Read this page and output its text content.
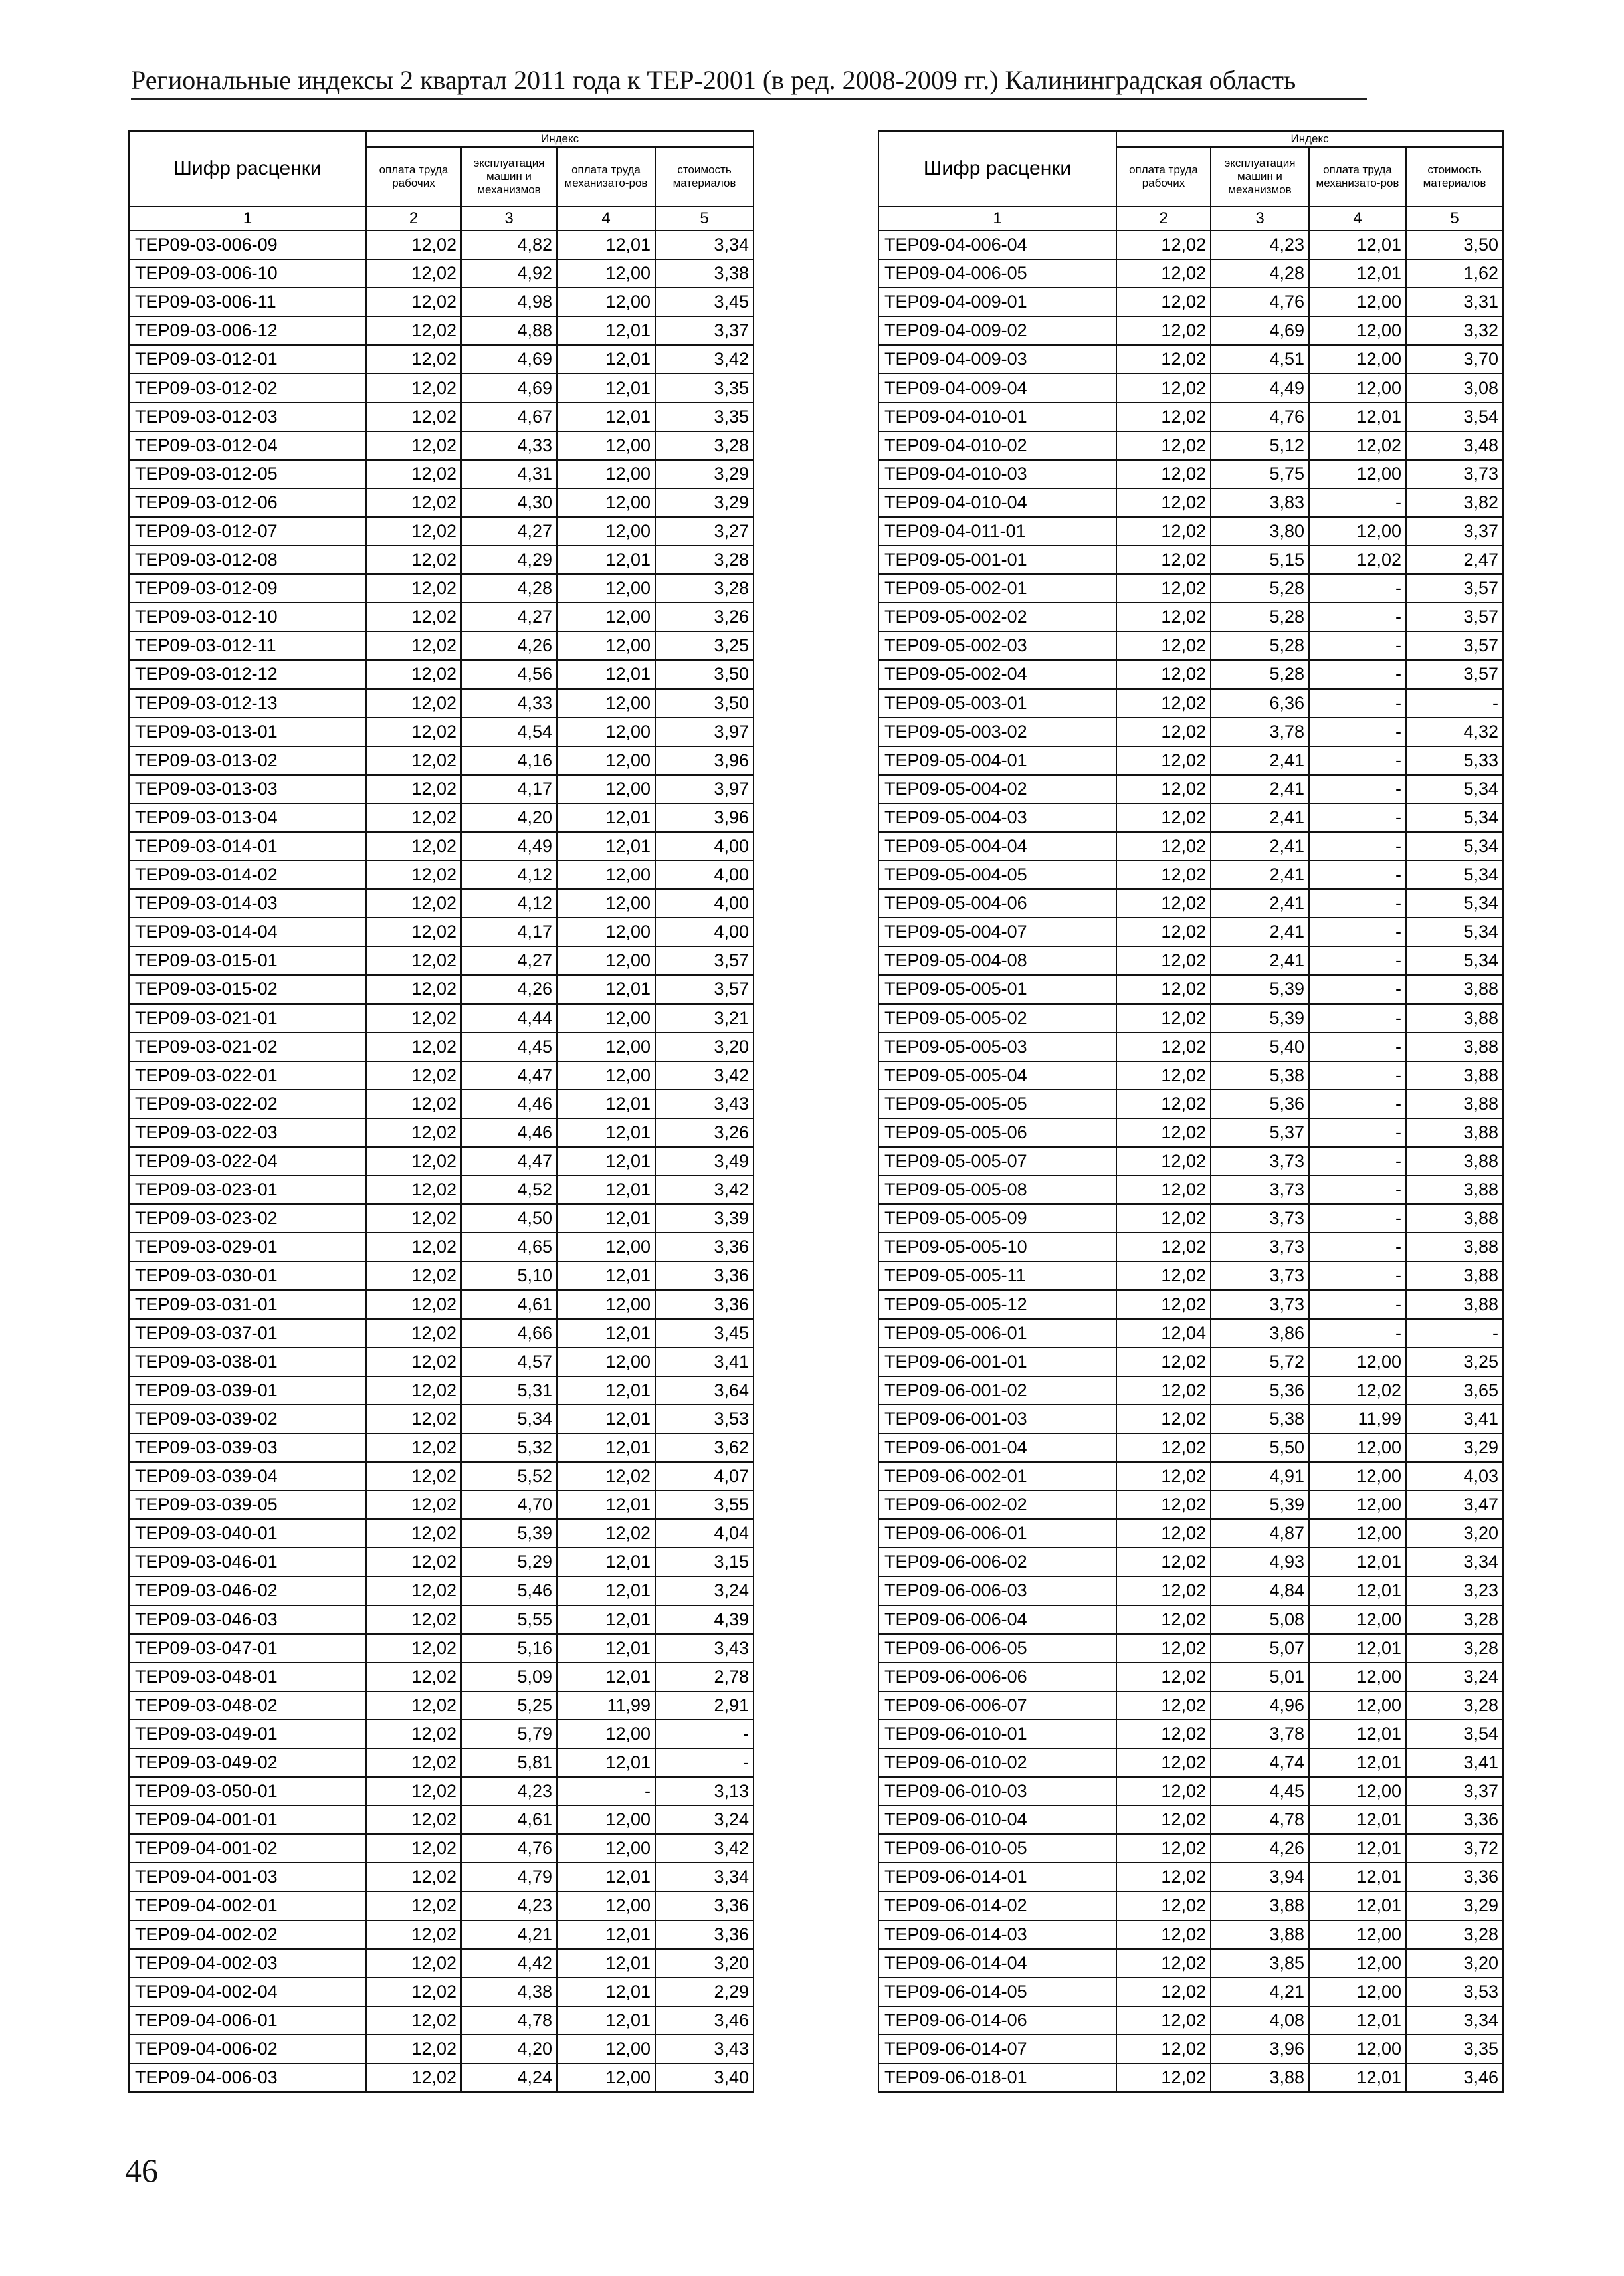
Региональные индексы 2 квартал 2011 года к ТЕР-2001 (в ред. 2008-2009 гг.) Калининградская область
Шифр расценки	Индекс			
	оплата труда рабочих	эксплуатация машин и механизмов	оплата труда механизато-ров	стоимость материалов
1	2	3	4	5
ТЕР09-03-006-09	12,02	4,82	12,01	3,34
ТЕР09-03-006-10	12,02	4,92	12,00	3,38
ТЕР09-03-006-11	12,02	4,98	12,00	3,45
ТЕР09-03-006-12	12,02	4,88	12,01	3,37
ТЕР09-03-012-01	12,02	4,69	12,01	3,42
ТЕР09-03-012-02	12,02	4,69	12,01	3,35
ТЕР09-03-012-03	12,02	4,67	12,01	3,35
ТЕР09-03-012-04	12,02	4,33	12,00	3,28
ТЕР09-03-012-05	12,02	4,31	12,00	3,29
ТЕР09-03-012-06	12,02	4,30	12,00	3,29
ТЕР09-03-012-07	12,02	4,27	12,00	3,27
ТЕР09-03-012-08	12,02	4,29	12,01	3,28
ТЕР09-03-012-09	12,02	4,28	12,00	3,28
ТЕР09-03-012-10	12,02	4,27	12,00	3,26
ТЕР09-03-012-11	12,02	4,26	12,00	3,25
ТЕР09-03-012-12	12,02	4,56	12,01	3,50
ТЕР09-03-012-13	12,02	4,33	12,00	3,50
ТЕР09-03-013-01	12,02	4,54	12,00	3,97
ТЕР09-03-013-02	12,02	4,16	12,00	3,96
ТЕР09-03-013-03	12,02	4,17	12,00	3,97
ТЕР09-03-013-04	12,02	4,20	12,01	3,96
ТЕР09-03-014-01	12,02	4,49	12,01	4,00
ТЕР09-03-014-02	12,02	4,12	12,00	4,00
ТЕР09-03-014-03	12,02	4,12	12,00	4,00
ТЕР09-03-014-04	12,02	4,17	12,00	4,00
ТЕР09-03-015-01	12,02	4,27	12,00	3,57
ТЕР09-03-015-02	12,02	4,26	12,01	3,57
ТЕР09-03-021-01	12,02	4,44	12,00	3,21
ТЕР09-03-021-02	12,02	4,45	12,00	3,20
ТЕР09-03-022-01	12,02	4,47	12,00	3,42
ТЕР09-03-022-02	12,02	4,46	12,01	3,43
ТЕР09-03-022-03	12,02	4,46	12,01	3,26
ТЕР09-03-022-04	12,02	4,47	12,01	3,49
ТЕР09-03-023-01	12,02	4,52	12,01	3,42
ТЕР09-03-023-02	12,02	4,50	12,01	3,39
ТЕР09-03-029-01	12,02	4,65	12,00	3,36
ТЕР09-03-030-01	12,02	5,10	12,01	3,36
ТЕР09-03-031-01	12,02	4,61	12,00	3,36
ТЕР09-03-037-01	12,02	4,66	12,01	3,45
ТЕР09-03-038-01	12,02	4,57	12,00	3,41
ТЕР09-03-039-01	12,02	5,31	12,01	3,64
ТЕР09-03-039-02	12,02	5,34	12,01	3,53
ТЕР09-03-039-03	12,02	5,32	12,01	3,62
ТЕР09-03-039-04	12,02	5,52	12,02	4,07
ТЕР09-03-039-05	12,02	4,70	12,01	3,55
ТЕР09-03-040-01	12,02	5,39	12,02	4,04
ТЕР09-03-046-01	12,02	5,29	12,01	3,15
ТЕР09-03-046-02	12,02	5,46	12,01	3,24
ТЕР09-03-046-03	12,02	5,55	12,01	4,39
ТЕР09-03-047-01	12,02	5,16	12,01	3,43
ТЕР09-03-048-01	12,02	5,09	12,01	2,78
ТЕР09-03-048-02	12,02	5,25	11,99	2,91
ТЕР09-03-049-01	12,02	5,79	12,00	-
ТЕР09-03-049-02	12,02	5,81	12,01	-
ТЕР09-03-050-01	12,02	4,23	-	3,13
ТЕР09-04-001-01	12,02	4,61	12,00	3,24
ТЕР09-04-001-02	12,02	4,76	12,00	3,42
ТЕР09-04-001-03	12,02	4,79	12,01	3,34
ТЕР09-04-002-01	12,02	4,23	12,00	3,36
ТЕР09-04-002-02	12,02	4,21	12,01	3,36
ТЕР09-04-002-03	12,02	4,42	12,01	3,20
ТЕР09-04-002-04	12,02	4,38	12,01	2,29
ТЕР09-04-006-01	12,02	4,78	12,01	3,46
ТЕР09-04-006-02	12,02	4,20	12,00	3,43
ТЕР09-04-006-03	12,02	4,24	12,00	3,40
Шифр расценки	Индекс			
	оплата труда рабочих	эксплуатация машин и механизмов	оплата труда механизато-ров	стоимость материалов
1	2	3	4	5
ТЕР09-04-006-04	12,02	4,23	12,01	3,50
ТЕР09-04-006-05	12,02	4,28	12,01	1,62
ТЕР09-04-009-01	12,02	4,76	12,00	3,31
ТЕР09-04-009-02	12,02	4,69	12,00	3,32
ТЕР09-04-009-03	12,02	4,51	12,00	3,70
ТЕР09-04-009-04	12,02	4,49	12,00	3,08
ТЕР09-04-010-01	12,02	4,76	12,01	3,54
ТЕР09-04-010-02	12,02	5,12	12,02	3,48
ТЕР09-04-010-03	12,02	5,75	12,00	3,73
ТЕР09-04-010-04	12,02	3,83	-	3,82
ТЕР09-04-011-01	12,02	3,80	12,00	3,37
ТЕР09-05-001-01	12,02	5,15	12,02	2,47
ТЕР09-05-002-01	12,02	5,28	-	3,57
ТЕР09-05-002-02	12,02	5,28	-	3,57
ТЕР09-05-002-03	12,02	5,28	-	3,57
ТЕР09-05-002-04	12,02	5,28	-	3,57
ТЕР09-05-003-01	12,02	6,36	-	-
ТЕР09-05-003-02	12,02	3,78	-	4,32
ТЕР09-05-004-01	12,02	2,41	-	5,33
ТЕР09-05-004-02	12,02	2,41	-	5,34
ТЕР09-05-004-03	12,02	2,41	-	5,34
ТЕР09-05-004-04	12,02	2,41	-	5,34
ТЕР09-05-004-05	12,02	2,41	-	5,34
ТЕР09-05-004-06	12,02	2,41	-	5,34
ТЕР09-05-004-07	12,02	2,41	-	5,34
ТЕР09-05-004-08	12,02	2,41	-	5,34
ТЕР09-05-005-01	12,02	5,39	-	3,88
ТЕР09-05-005-02	12,02	5,39	-	3,88
ТЕР09-05-005-03	12,02	5,40	-	3,88
ТЕР09-05-005-04	12,02	5,38	-	3,88
ТЕР09-05-005-05	12,02	5,36	-	3,88
ТЕР09-05-005-06	12,02	5,37	-	3,88
ТЕР09-05-005-07	12,02	3,73	-	3,88
ТЕР09-05-005-08	12,02	3,73	-	3,88
ТЕР09-05-005-09	12,02	3,73	-	3,88
ТЕР09-05-005-10	12,02	3,73	-	3,88
ТЕР09-05-005-11	12,02	3,73	-	3,88
ТЕР09-05-005-12	12,02	3,73	-	3,88
ТЕР09-05-006-01	12,04	3,86	-	-
ТЕР09-06-001-01	12,02	5,72	12,00	3,25
ТЕР09-06-001-02	12,02	5,36	12,02	3,65
ТЕР09-06-001-03	12,02	5,38	11,99	3,41
ТЕР09-06-001-04	12,02	5,50	12,00	3,29
ТЕР09-06-002-01	12,02	4,91	12,00	4,03
ТЕР09-06-002-02	12,02	5,39	12,00	3,47
ТЕР09-06-006-01	12,02	4,87	12,00	3,20
ТЕР09-06-006-02	12,02	4,93	12,01	3,34
ТЕР09-06-006-03	12,02	4,84	12,01	3,23
ТЕР09-06-006-04	12,02	5,08	12,00	3,28
ТЕР09-06-006-05	12,02	5,07	12,01	3,28
ТЕР09-06-006-06	12,02	5,01	12,00	3,24
ТЕР09-06-006-07	12,02	4,96	12,00	3,28
ТЕР09-06-010-01	12,02	3,78	12,01	3,54
ТЕР09-06-010-02	12,02	4,74	12,01	3,41
ТЕР09-06-010-03	12,02	4,45	12,00	3,37
ТЕР09-06-010-04	12,02	4,78	12,01	3,36
ТЕР09-06-010-05	12,02	4,26	12,01	3,72
ТЕР09-06-014-01	12,02	3,94	12,01	3,36
ТЕР09-06-014-02	12,02	3,88	12,01	3,29
ТЕР09-06-014-03	12,02	3,88	12,00	3,28
ТЕР09-06-014-04	12,02	3,85	12,00	3,20
ТЕР09-06-014-05	12,02	4,21	12,00	3,53
ТЕР09-06-014-06	12,02	4,08	12,01	3,34
ТЕР09-06-014-07	12,02	3,96	12,00	3,35
ТЕР09-06-018-01	12,02	3,88	12,01	3,46
46
